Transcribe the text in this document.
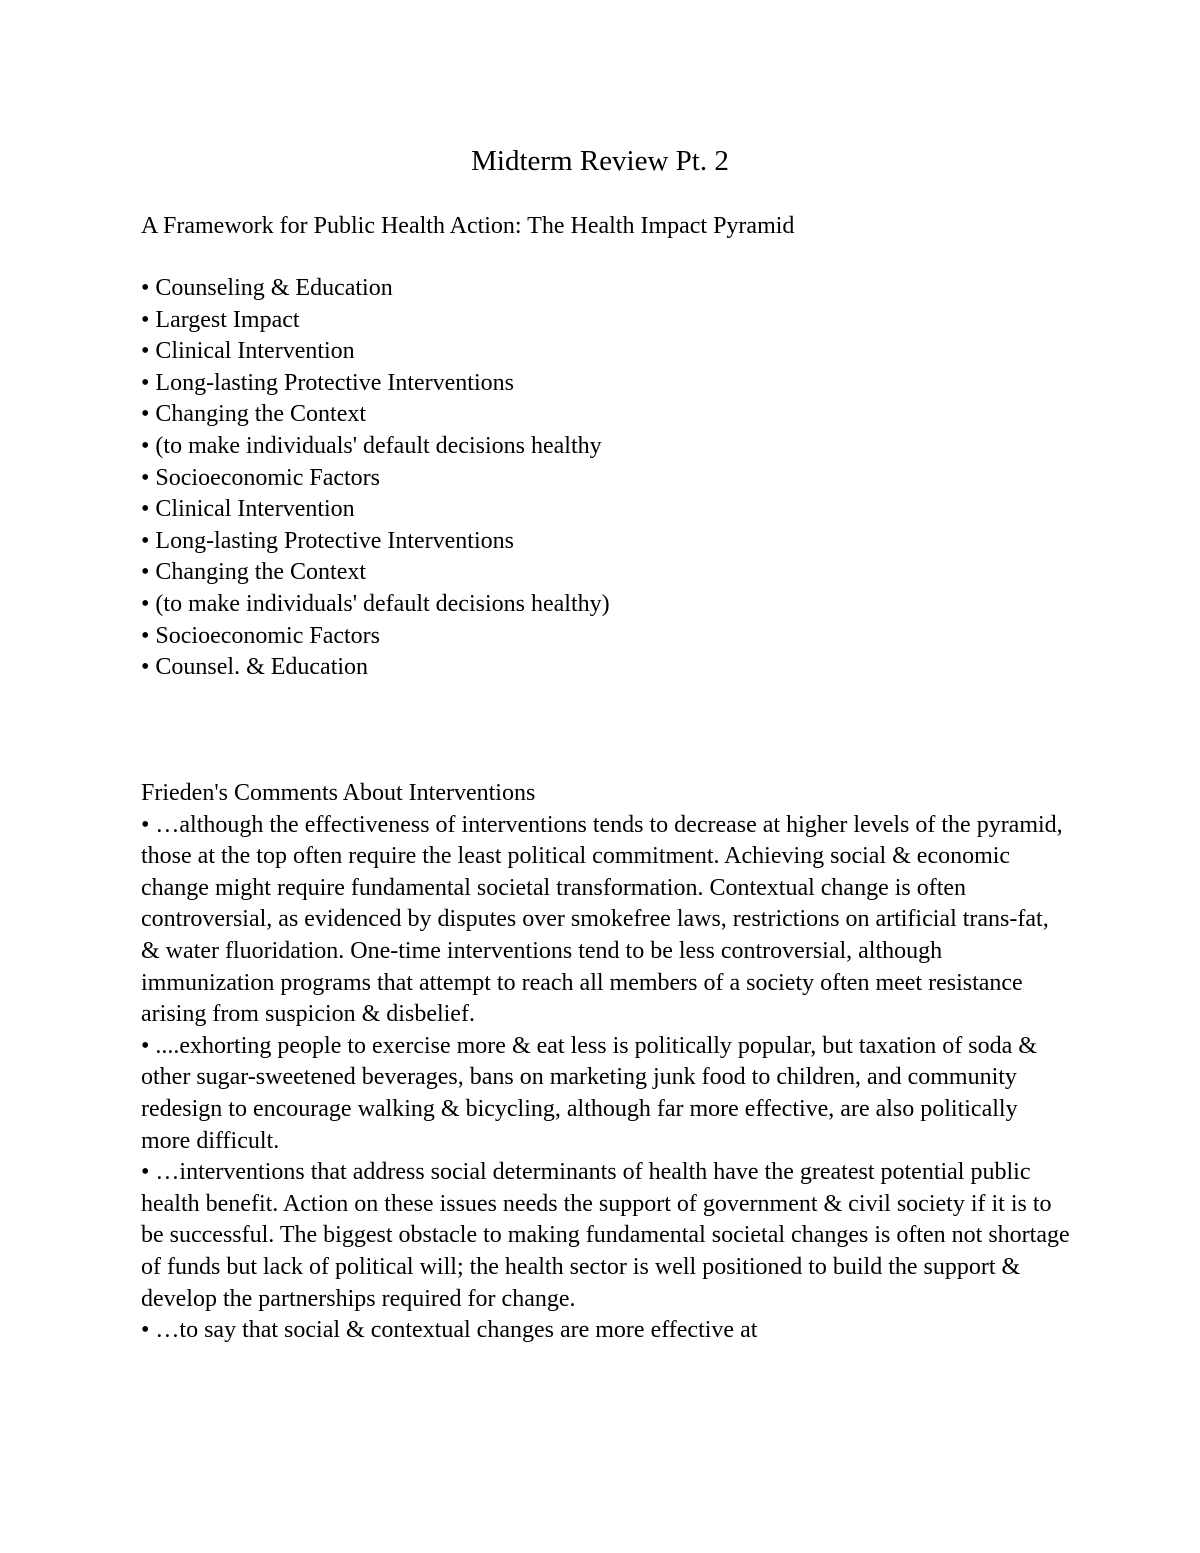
Midterm Review Pt. 2
A Framework for Public Health Action: The Health Impact Pyramid
• Counseling & Education
• Largest Impact
• Clinical Intervention
• Long-lasting Protective Interventions
• Changing the Context
• (to make individuals' default decisions healthy
• Socioeconomic Factors
• Clinical Intervention
• Long-lasting Protective Interventions
• Changing the Context
• (to make individuals' default decisions healthy)
• Socioeconomic Factors
• Counsel. & Education
Frieden's Comments About Interventions

• …although the effectiveness of interventions tends to decrease at higher levels of the pyramid, those at the top often require the least political commitment. Achieving social & economic change might require fundamental societal transformation. Contextual change is often controversial, as evidenced by disputes over smokefree laws, restrictions on artificial trans-fat, & water fluoridation. One-time interventions tend to be less controversial, although immunization programs that attempt to reach all members of a society often meet resistance arising from suspicion & disbelief.

• ....exhorting people to exercise more & eat less is politically popular, but taxation of soda & other sugar-sweetened beverages, bans on marketing junk food to children, and community redesign to encourage walking & bicycling, although far more effective, are also politically more difficult.

• …interventions that address social determinants of health have the greatest potential public health benefit. Action on these issues needs the support of government & civil society if it is to be successful. The biggest obstacle to making fundamental societal changes is often not shortage of funds but lack of political will; the health sector is well positioned to build the support & develop the partnerships required for change.

• …to say that social & contextual changes are more effective at
